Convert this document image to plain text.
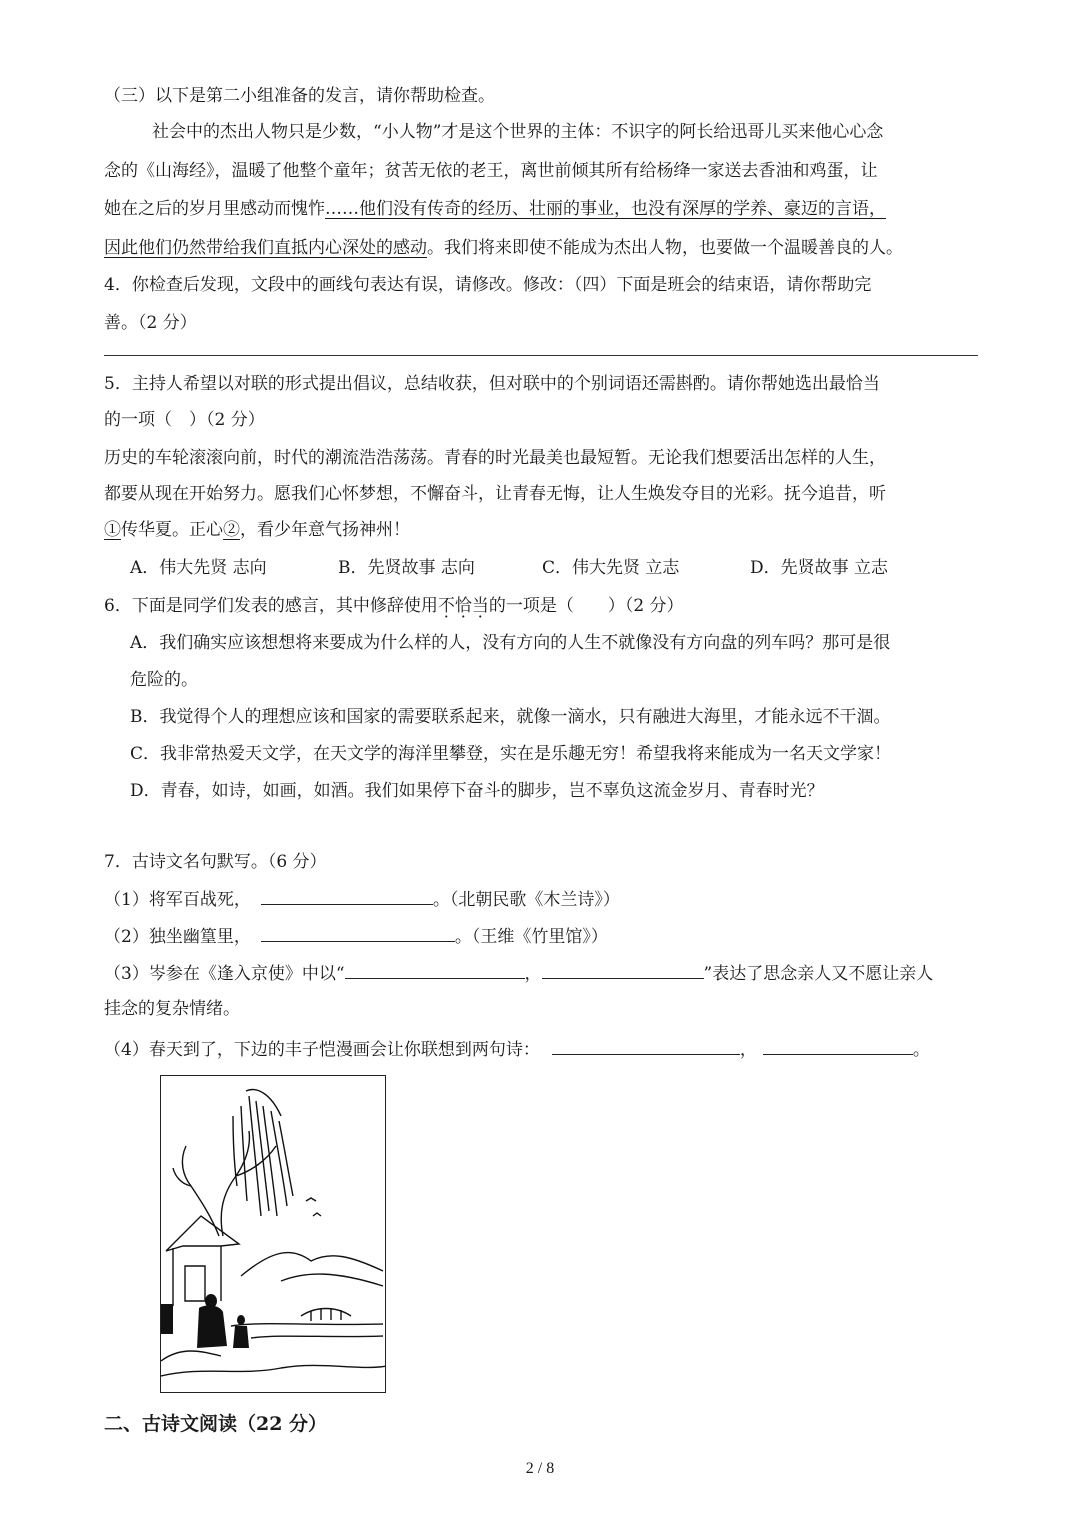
（三）以下是第二小组准备的发言，请你帮助检查。
社会中的杰出人物只是少数，“小人物”才是这个世界的主体：不识字的阿长给迅哥儿买来他心心念
念的《山海经》，温暖了他整个童年；贫苦无依的老王，离世前倾其所有给杨绛一家送去香油和鸡蛋，让
她在之后的岁月里感动而愧怍……他们没有传奇的经历、壮丽的事业，也没有深厚的学养、豪迈的言语，
因此他们仍然带给我们直抵内心深处的感动。我们将来即使不能成为杰出人物，也要做一个温暖善良的人。
4．你检查后发现，文段中的画线句表达有误，请修改。修改：（四）下面是班会的结束语，请你帮助完
善。（2 分）
5．主持人希望以对联的形式提出倡议，总结收获，但对联中的个别词语还需斟酌。请你帮她选出最恰当
的一项（　）（2 分）
历史的车轮滚滚向前，时代的潮流浩浩荡荡。青春的时光最美也最短暂。无论我们想要活出怎样的人生，
都要从现在开始努力。愿我们心怀梦想，不懈奋斗，让青春无悔，让人生焕发夺目的光彩。抚今追昔，听
①传华夏。正心②，看少年意气扬神州！
A．伟大先贤 志向	B．先贤故事 志向	C．伟大先贤 立志	D．先贤故事 立志
6．下面是同学们发表的感言，其中修辞使用不恰当的一项是（　　）（2 分）
A．我们确实应该想想将来要成为什么样的人，没有方向的人生不就像没有方向盘的列车吗？那可是很
危险的。
B．我觉得个人的理想应该和国家的需要联系起来，就像一滴水，只有融进大海里，才能永远不干涸。
C．我非常热爱天文学，在天文学的海洋里攀登，实在是乐趣无穷！希望我将来能成为一名天文学家！
D．青春，如诗，如画，如酒。我们如果停下奋斗的脚步，岂不辜负这流金岁月、青春时光？
7．古诗文名句默写。（6 分）
（1）将军百战死，	。（北朝民歌《木兰诗》）
（2）独坐幽篁里，	。（王维《竹里馆》）
（3）岑参在《逢入京使》中以“	，	”表达了思念亲人又不愿让亲人
挂念的复杂情绪。
（4）春天到了，下边的丰子恺漫画会让你联想到两句诗：	，	。
二、古诗文阅读（22 分）
2 / 8
